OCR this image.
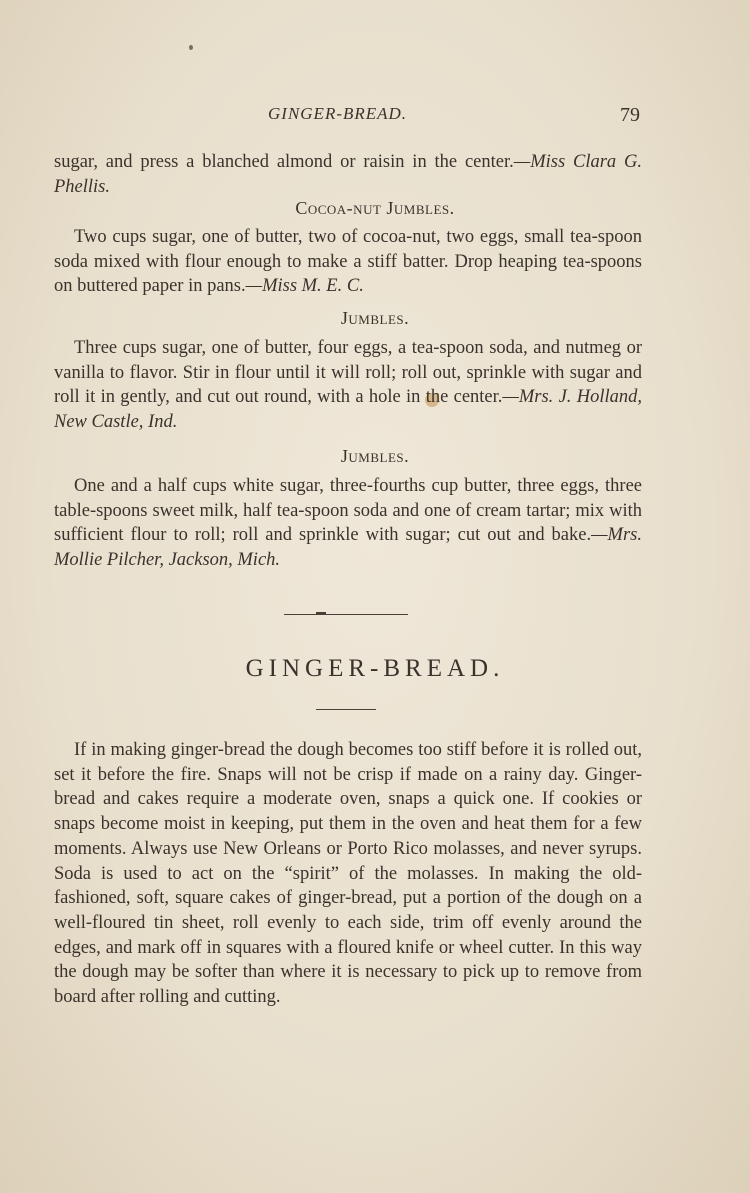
GINGER-BREAD.	79
sugar, and press a blanched almond or raisin in the center.—Miss Clara G. Phellis.
Cocoa-nut Jumbles.
Two cups sugar, one of butter, two of cocoa-nut, two eggs, small tea-spoon soda mixed with flour enough to make a stiff batter. Drop heaping tea-spoons on buttered paper in pans.—Miss M. E. C.
Jumbles.
Three cups sugar, one of butter, four eggs, a tea-spoon soda, and nutmeg or vanilla to flavor. Stir in flour until it will roll; roll out, sprinkle with sugar and roll it in gently, and cut out round, with a hole in the center.—Mrs. J. Holland, New Castle, Ind.
Jumbles.
One and a half cups white sugar, three-fourths cup butter, three eggs, three table-spoons sweet milk, half tea-spoon soda and one of cream tartar; mix with sufficient flour to roll; roll and sprinkle with sugar; cut out and bake.—Mrs. Mollie Pilcher, Jackson, Mich.
GINGER-BREAD.
If in making ginger-bread the dough becomes too stiff before it is rolled out, set it before the fire. Snaps will not be crisp if made on a rainy day. Ginger-bread and cakes require a moderate oven, snaps a quick one. If cookies or snaps become moist in keeping, put them in the oven and heat them for a few moments. Always use New Orleans or Porto Rico molasses, and never syrups. Soda is used to act on the “spirit” of the molasses. In making the old-fashioned, soft, square cakes of ginger-bread, put a portion of the dough on a well-floured tin sheet, roll evenly to each side, trim off evenly around the edges, and mark off in squares with a floured knife or wheel cutter. In this way the dough may be softer than where it is necessary to pick up to remove from board after rolling and cutting.
